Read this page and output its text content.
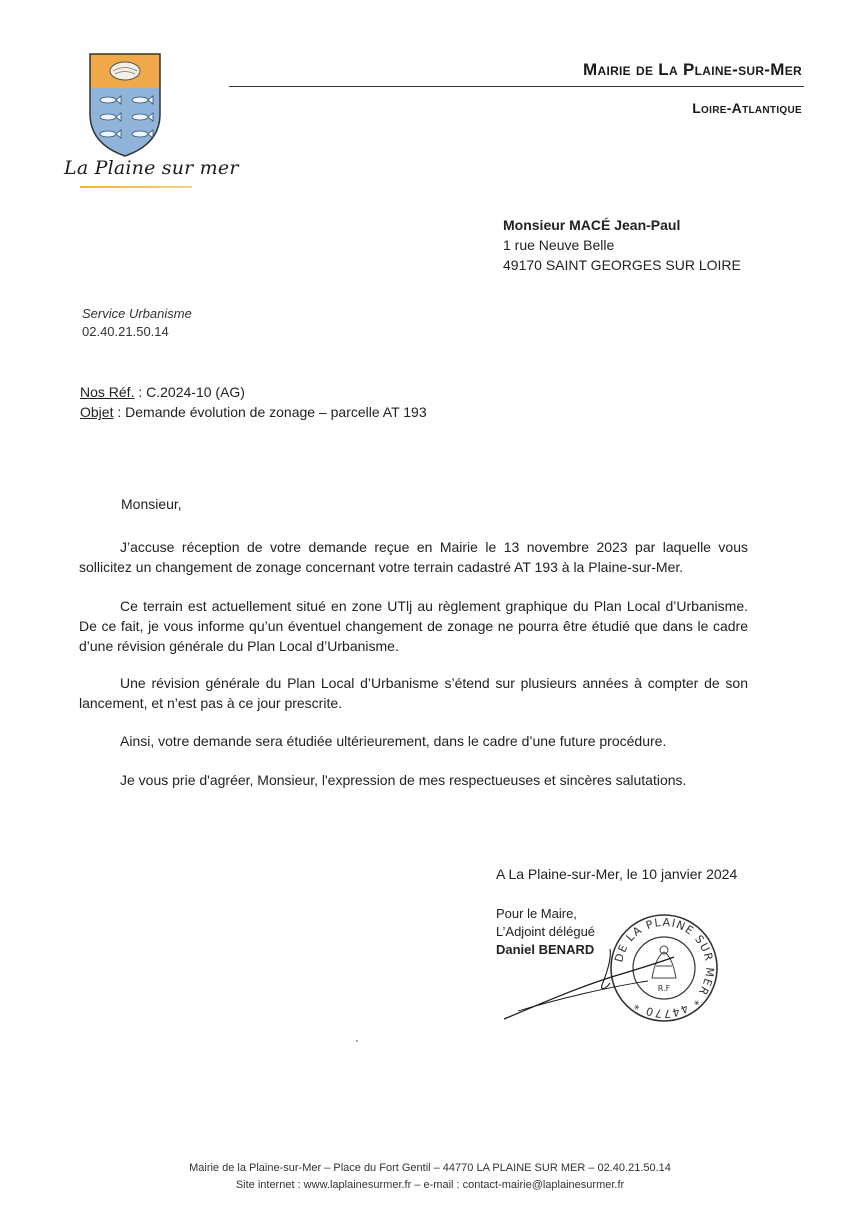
La Plaine sur mer
Mairie de La Plaine-sur-Mer
Loire-Atlantique
Monsieur MACÉ Jean-Paul
1 rue Neuve Belle
49170 SAINT GEORGES SUR LOIRE
Service Urbanisme
02.40.21.50.14
Nos Réf. : C.2024-10 (AG)
Objet : Demande évolution de zonage – parcelle AT 193
Monsieur,
J’accuse réception de votre demande reçue en Mairie le 13 novembre 2023 par laquelle vous sollicitez un changement de zonage concernant votre terrain cadastré AT 193 à la Plaine-sur-Mer.
Ce terrain est actuellement situé en zone UTlj au règlement graphique du Plan Local d’Urbanisme. De ce fait, je vous informe qu’un éventuel changement de zonage ne pourra être étudié que dans le cadre d’une révision générale du Plan Local d’Urbanisme.
Une révision générale du Plan Local d’Urbanisme s’étend sur plusieurs années à compter de son lancement, et n’est pas à ce jour prescrite.
Ainsi, votre demande sera étudiée ultérieurement, dans le cadre d’une future procédure.
Je vous prie d'agréer, Monsieur, l'expression de mes respectueuses et sincères salutations.
A La Plaine-sur-Mer, le 10 janvier 2024
Pour le Maire,
L’Adjoint délégué
Daniel BENARD
DE LA PLAINE SUR MER * 44770 *
R.F
Mairie de la Plaine-sur-Mer – Place du Fort Gentil – 44770 LA PLAINE SUR MER – 02.40.21.50.14
Site internet : www.laplainesurmer.fr – e-mail : contact-mairie@laplainesurmer.fr
